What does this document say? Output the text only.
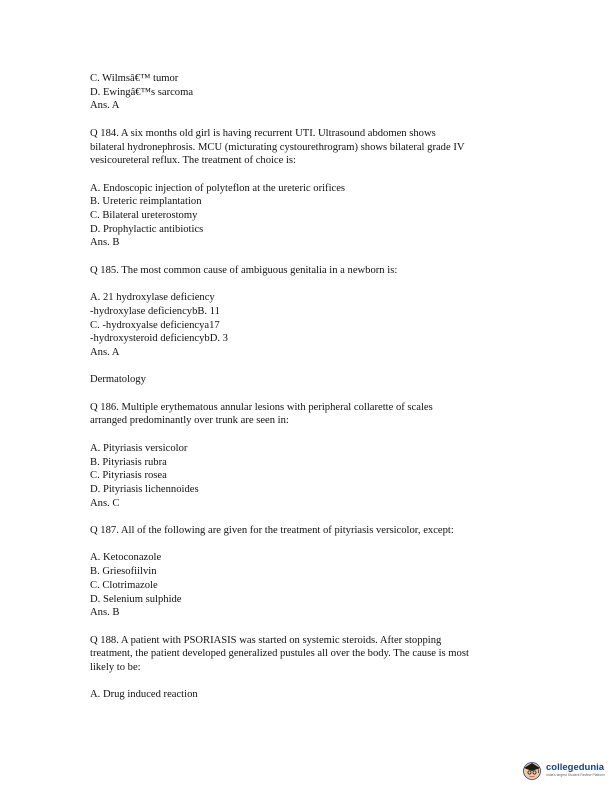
C. Wilmsâ€™ tumor
D. Ewingâ€™s sarcoma
Ans. A
Q 184. A six months old girl is having recurrent UTI. Ultrasound abdomen shows
bilateral hydronephrosis. MCU (micturating cystourethrogram) shows bilateral grade IV
vesicoureteral reflux. The treatment of choice is:
A. Endoscopic injection of polyteflon at the ureteric orifices
B. Ureteric reimplantation
C. Bilateral ureterostomy
D. Prophylactic antibiotics
Ans. B
Q 185. The most common cause of ambiguous genitalia in a newborn is:
A. 21 hydroxylase deficiency
-hydroxylase deficiencybB. 11
C. -hydroxyalse deficiencya17
-hydroxysteroid deficiencybD. 3
Ans. A
Dermatology
Q 186. Multiple erythematous annular lesions with peripheral collarette of scales
arranged predominantly over trunk are seen in:
A. Pityriasis versicolor
B. Pityriasis rubra
C. Pityriasis rosea
D. Pityriasis lichennoides
Ans. C
Q 187. All of the following are given for the treatment of pityriasis versicolor, except:
A. Ketoconazole
B. Griesofiilvin
C. Clotrimazole
D. Selenium sulphide
Ans. B
Q 188. A patient with PSORIASIS was started on systemic steroids. After stopping
treatment, the patient developed generalized pustules all over the body. The cause is most
likely to be:
A. Drug induced reaction
collegedunia
India's largest Student Review Platform
